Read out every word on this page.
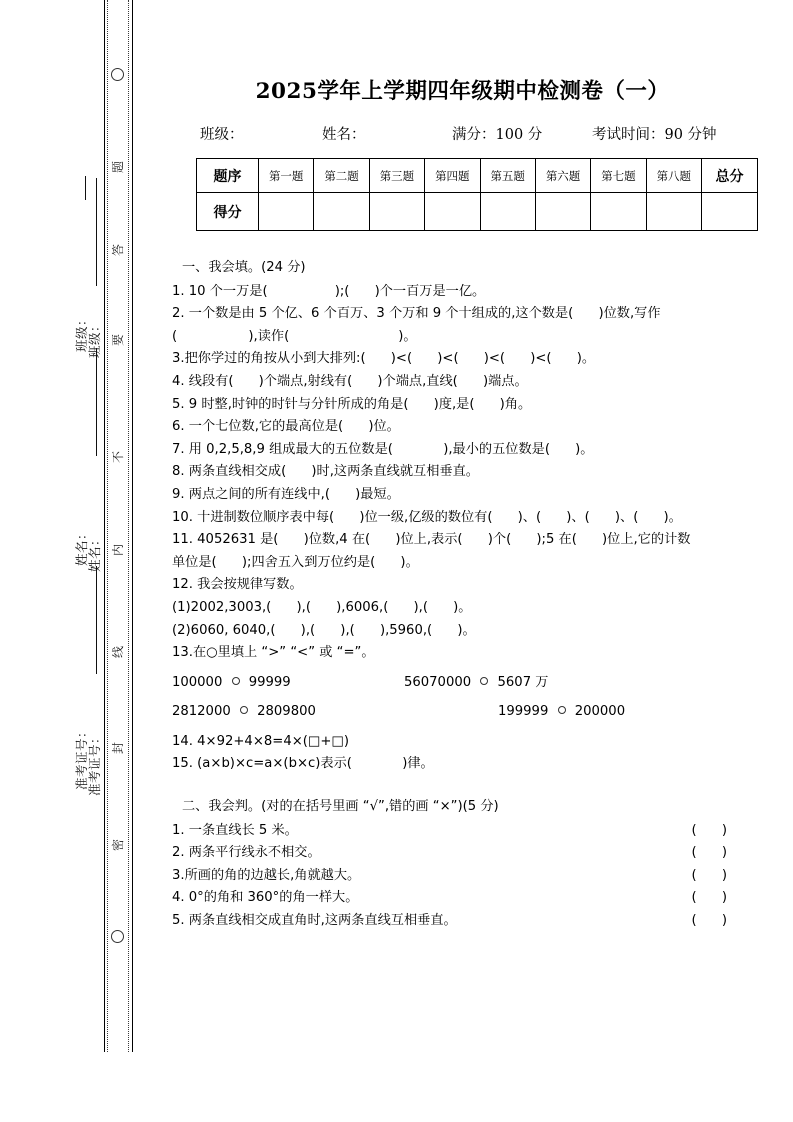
题
答
要
不
内
线
封
密
班级：
班级：
姓名：
姓名：
准考证号：
准考证号：
2025学年上学期四年级期中检测卷（一）
班级：	姓名：	满分：100 分	考试时间：90 分钟
题序	第一题	第二题	第三题	第四题	第五题	第六题	第七题	第八题	总分
得分									
一、我会填。(24 分)
1. 10 个一万是(                );(      )个一百万是一亿。
2. 一个数是由 5 个亿、6 个百万、3 个万和 9 个十组成的,这个数是(      )位数,写作
(                 ),读作(                          )。
3.把你学过的角按从小到大排列:(      )<(      )<(      )<(      )<(      )。
4. 线段有(      )个端点,射线有(      )个端点,直线(      )端点。
5. 9 时整,时钟的时针与分针所成的角是(      )度,是(      )角。
6. 一个七位数,它的最高位是(      )位。
7. 用 0,2,5,8,9 组成最大的五位数是(            ),最小的五位数是(      )。
8. 两条直线相交成(      )时,这两条直线就互相垂直。
9. 两点之间的所有连线中,(      )最短。
10. 十进制数位顺序表中每(      )位一级,亿级的数位有(      )、(      )、(      )、(      )。
11. 4052631 是(      )位数,4 在(      )位上,表示(      )个(      );5 在(      )位上,它的计数
单位是(      );四舍五入到万位约是(      )。
12. 我会按规律写数。
(1)2002,3003,(      ),(      ),6006,(      ),(      )。
(2)6060, 6040,(      ),(      ),(      ),5960,(      )。
13.在○里填上 “>” “<” 或 “=”。
100000 99999	56070000 5607 万
2812000 2809800	199999 200000
14. 4×92+4×8=4×(□+□)
15. (a×b)×c=a×(b×c)表示(            )律。
二、我会判。(对的在括号里画 “√”,错的画 “×”)(5 分)
1. 一条直线长 5 米。	(      )
2. 两条平行线永不相交。	(      )
3.所画的角的边越长,角就越大。	(      )
4. 0°的角和 360°的角一样大。	(      )
5. 两条直线相交成直角时,这两条直线互相垂直。	(      )
